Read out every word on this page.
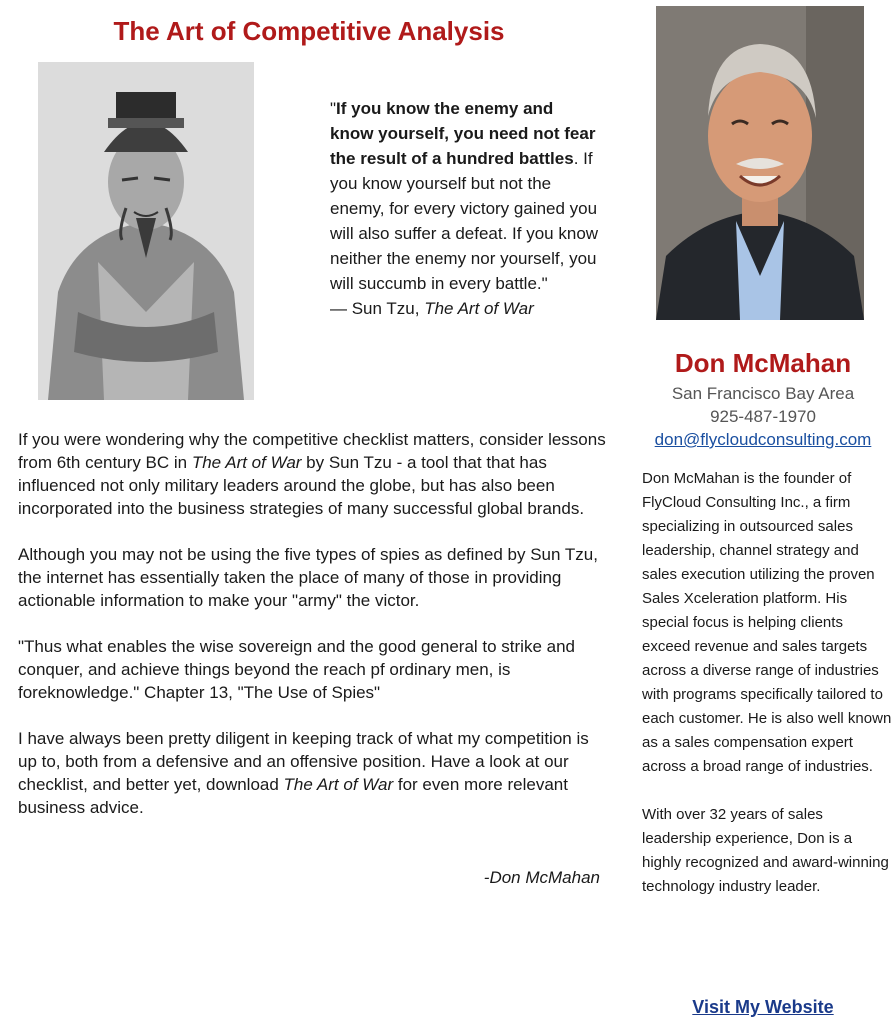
The Art of Competitive Analysis
"If you know the enemy and know yourself, you need not fear the result of a hundred battles. If you know yourself but not the enemy, for every victory gained you will also suffer a defeat. If you know neither the enemy nor yourself, you will succumb in every battle."
— Sun Tzu, The Art of War

If you were wondering why the competitive checklist matters, consider lessons from 6th century BC in The Art of War by Sun Tzu - a tool that that has influenced not only military leaders around the globe, but has also been incorporated into the business strategies of many successful global brands.

Although you may not be using the five types of spies as defined by Sun Tzu, the internet has essentially taken the place of many of those in providing actionable information to make your "army" the victor.

"Thus what enables the wise sovereign and the good general to strike and conquer, and achieve things beyond the reach pf ordinary men, is foreknowledge." Chapter 13, "The Use of Spies"

I have always been pretty diligent in keeping track of what my competition is up to, both from a defensive and an offensive position. Have a look at our checklist, and better yet, download The Art of War for even more relevant business advice.

-Don McMahan
Don McMahan
San Francisco Bay Area
925-487-1970
don@flycloudconsulting.com

Don McMahan is the founder of FlyCloud Consulting Inc., a firm specializing in outsourced sales leadership, channel strategy and sales execution utilizing the proven Sales Xceleration platform. His special focus is helping clients exceed revenue and sales targets across a diverse range of industries with programs specifically tailored to each customer. He is also well known as a sales compensation expert across a broad range of industries.

With over 32 years of sales leadership experience, Don is a highly recognized and award-winning technology industry leader.

Visit My Website
